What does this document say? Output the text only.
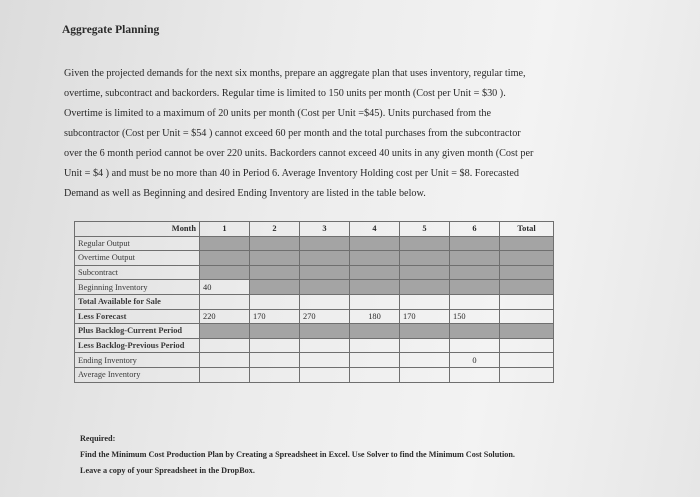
Aggregate Planning

Given the projected demands for the next six months, prepare an aggregate plan that uses inventory, regular time,

overtime, subcontract and backorders. Regular time is limited to 150 units per month (Cost per Unit = $30 ).

Overtime is limited to a maximum of 20 units per month (Cost per Unit =$45). Units purchased from the

subcontractor (Cost per Unit = $54 ) cannot exceed 60 per month and the total purchases from the subcontractor

over the 6 month period cannot be over 220 units. Backorders cannot exceed 40 units in any given month (Cost per

Unit = $4 ) and must be no more than 40 in Period 6. Average Inventory Holding cost per Unit = $8. Forecasted

Demand as well as Beginning and desired Ending Inventory are listed in the table below.

Month	1	2	3	4	5	6	Total
Regular Output							
Overtime Output							
Subcontract							
Beginning Inventory	40						
Total Available for Sale							
Less Forecast	220	170	270	180	170	150	
Plus Backlog-Current Period							
Less Backlog-Previous Period							
Ending Inventory						0	
Average Inventory							

Required:

Find the Minimum Cost Production Plan by Creating a Spreadsheet in Excel. Use Solver to find the Minimum Cost Solution.

Leave a copy of your Spreadsheet in the DropBox.
